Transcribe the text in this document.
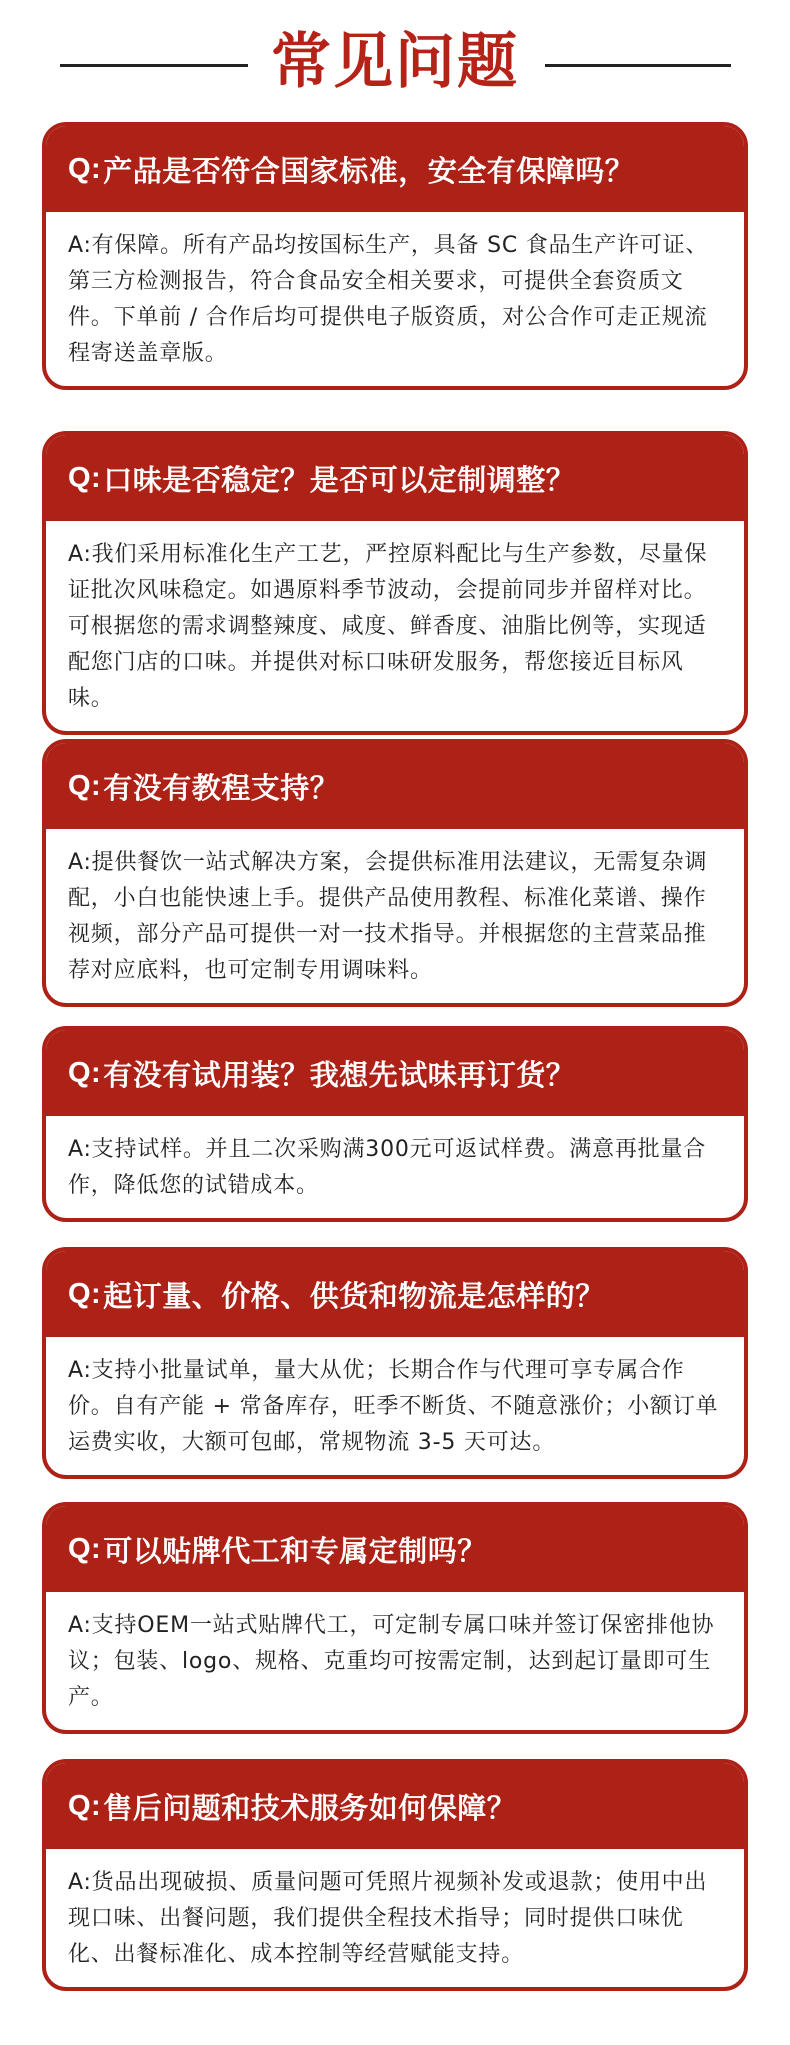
常见问题
Q: 产品是否符合国家标准，安全有保障吗？
A:有保障。所有产品均按国标生产，具备 SC 食品生产许可证、第三方检测报告，符合食品安全相关要求，可提供全套资质文件。下单前 / 合作后均可提供电子版资质，对公合作可走正规流程寄送盖章版。
Q: 口味是否稳定？是否可以定制调整？
A:我们采用标准化生产工艺，严控原料配比与生产参数，尽量保证批次风味稳定。如遇原料季节波动，会提前同步并留样对比。可根据您的需求调整辣度、咸度、鲜香度、油脂比例等，实现适配您门店的口味。并提供对标口味研发服务，帮您接近目标风味。
Q: 有没有教程支持？
A:提供餐饮一站式解决方案，会提供标准用法建议，无需复杂调配，小白也能快速上手。提供产品使用教程、标准化菜谱、操作视频，部分产品可提供一对一技术指导。并根据您的主营菜品推荐对应底料，也可定制专用调味料。
Q: 有没有试用装？我想先试味再订货？
A:支持试样。并且二次采购满300元可返试样费。满意再批量合作，降低您的试错成本。
Q: 起订量、价格、供货和物流是怎样的？
A:支持小批量试单，量大从优；长期合作与代理可享专属合作价。自有产能 + 常备库存，旺季不断货、不随意涨价；小额订单运费实收，大额可包邮，常规物流 3-5 天可达。
Q: 可以贴牌代工和专属定制吗？
A:支持OEM一站式贴牌代工，可定制专属口味并签订保密排他协议；包装、logo、规格、克重均可按需定制，达到起订量即可生产。
Q: 售后问题和技术服务如何保障？
A:货品出现破损、质量问题可凭照片视频补发或退款；使用中出现口味、出餐问题，我们提供全程技术指导；同时提供口味优化、出餐标准化、成本控制等经营赋能支持。
